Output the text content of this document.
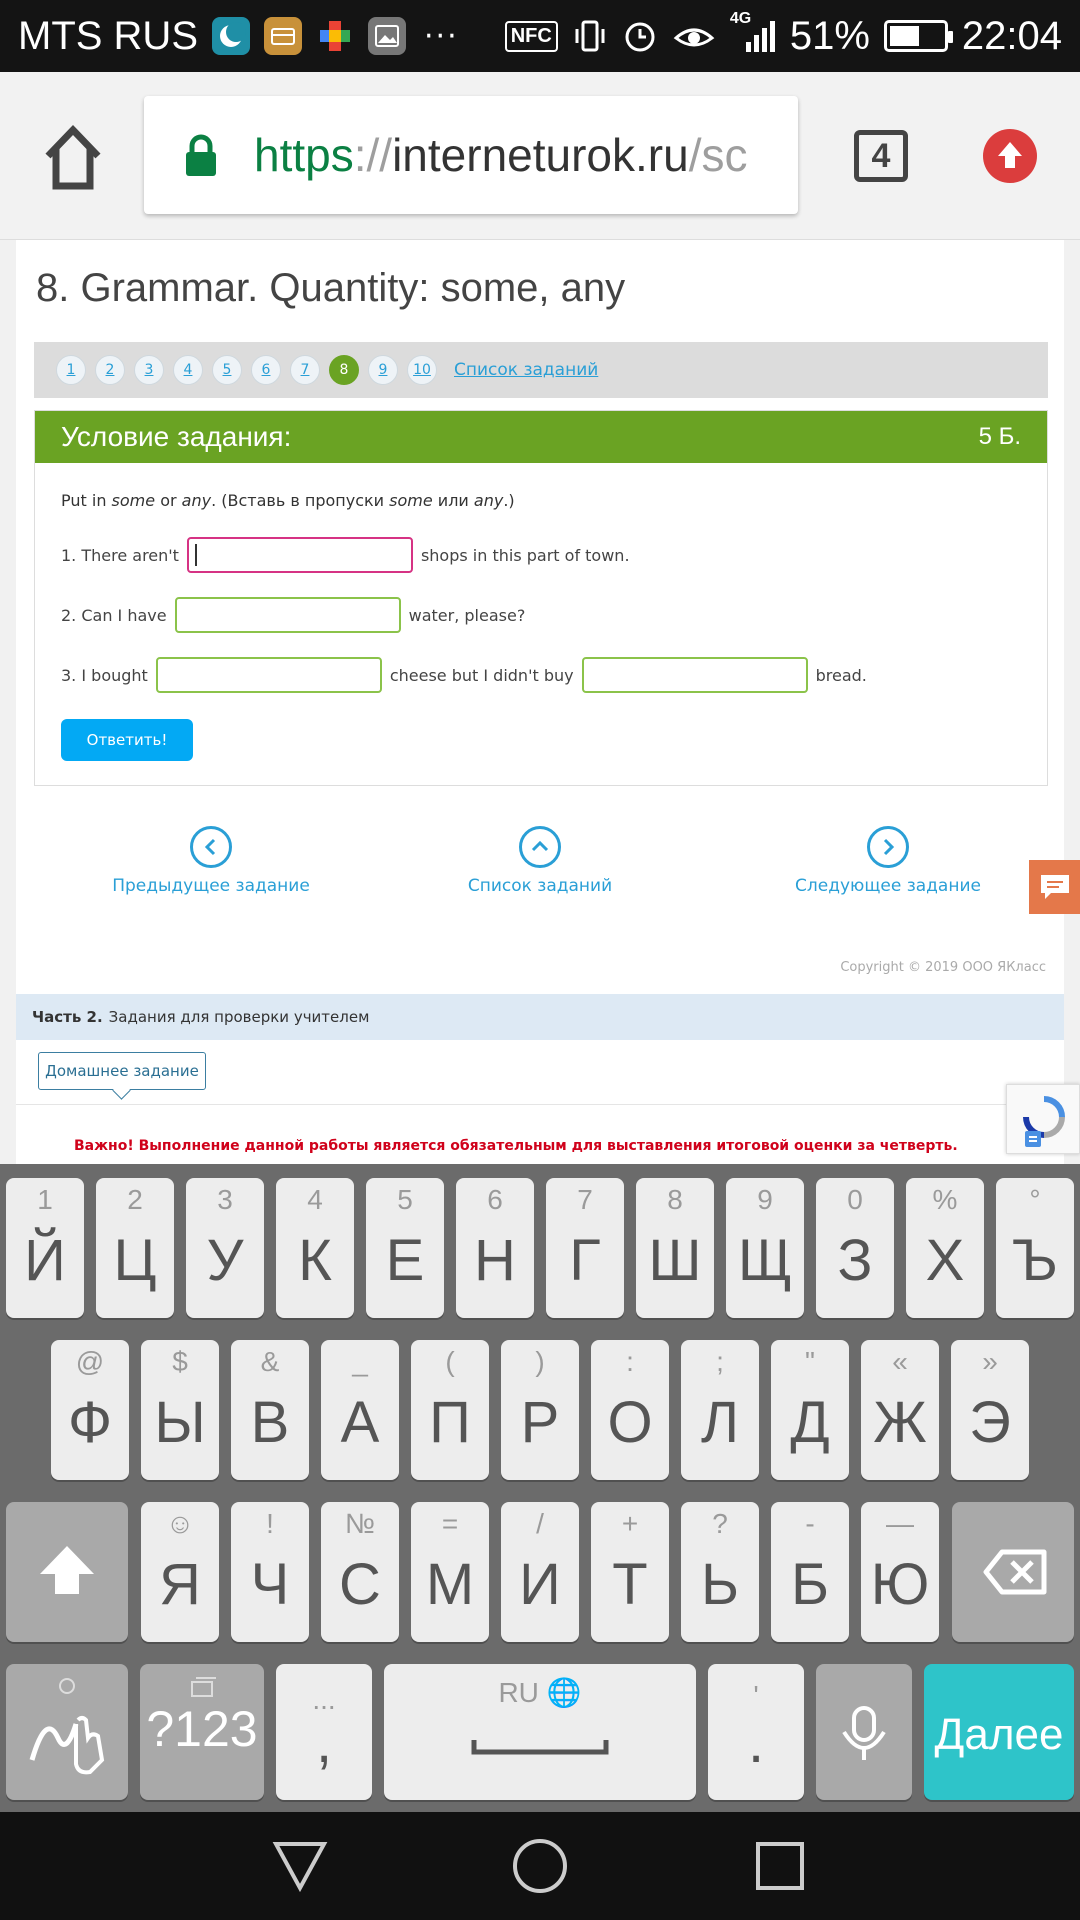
MTS RUS	···	NFC
4G 51% 22:04
https://interneturok.ru/sc	4
8. Grammar. Quantity: some, any
1	2	3	4	5	6	7	8	9	10	Список заданий
Условие задания:	5 Б.
Put in some or any. (Вставь в пропуски some или any.)
1. There aren't	shops in this part of town.
2. Can I have	water, please?
3. I bought	cheese but I didn't buy	bread.
Ответить!
Предыдущее задание	Список заданий	Следующее задание
Copyright © 2019 ООО ЯКласс
Часть 2. Задания для проверки учителем
Домашнее задание
Важно! Выполнение данной работы является обязательным для выставления итоговой оценки за четверть.
1
Й
2
Ц
3
У
4
К
5
Е
6
Н
7
Г
8
Ш
9
Щ
0
З
%
Х
°
Ъ
@
Ф
$
Ы
&
В
_
А
(
П
)
Р
:
О
;
Л
"
Д
«
Ж
»
Э
☺
Я
!
Ч
№
С
=
М
/
И
+
Т
?
Ь
-
Б
—
Ю
?123
...
,
RU 🌐	'
.	Далее
